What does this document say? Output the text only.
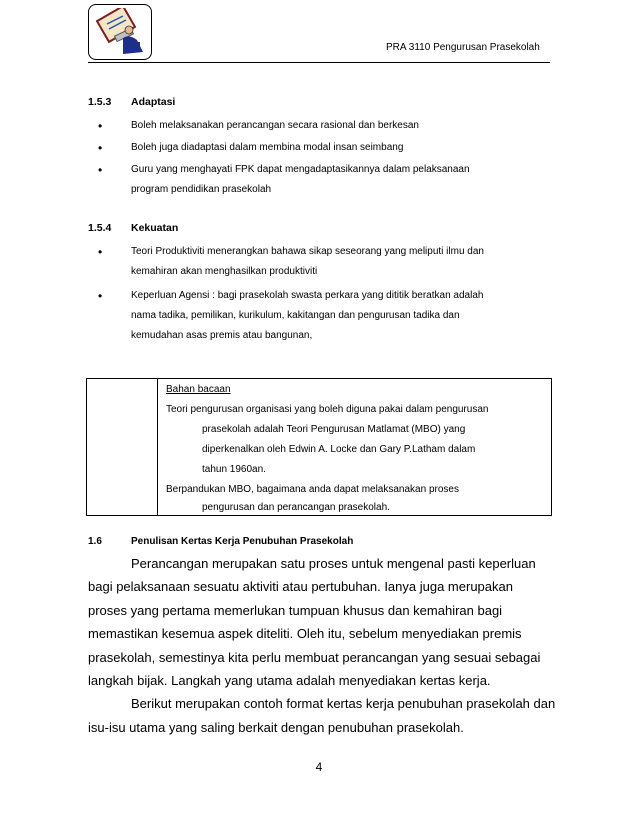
PRA 3110 Pengurusan Prasekolah
1.5.3 Adaptasi
•	Boleh melaksanakan perancangan secara rasional dan berkesan
•	Boleh juga diadaptasi dalam membina modal insan seimbang
•	Guru yang menghayati FPK dapat mengadaptasikannya dalam pelaksanaan
program pendidikan prasekolah
1.5.4 Kekuatan
•	Teori Produktiviti menerangkan bahawa sikap seseorang yang meliputi ilmu dan
kemahiran akan menghasilkan produktiviti
•	Keperluan Agensi : bagi prasekolah swasta perkara yang dititik beratkan adalah
nama tadika, pemilikan, kurikulum, kakitangan dan pengurusan tadika dan
kemudahan asas premis atau bangunan,
Bahan bacaan
Teori pengurusan organisasi yang boleh diguna pakai dalam pengurusan
prasekolah adalah Teori Pengurusan Matlamat (MBO) yang
diperkenalkan oleh Edwin A. Locke dan Gary P.Latham dalam
tahun 1960an.
Berpandukan MBO, bagaimana anda dapat melaksanakan proses
pengurusan dan perancangan prasekolah.
1.6	Penulisan Kertas Kerja Penubuhan Prasekolah

Perancangan merupakan satu proses untuk mengenal pasti keperluan

bagi pelaksanaan sesuatu aktiviti atau pertubuhan. Ianya juga merupakan

proses yang pertama memerlukan tumpuan khusus dan kemahiran bagi

memastikan kesemua aspek diteliti. Oleh itu, sebelum menyediakan premis

prasekolah, semestinya kita perlu membuat perancangan yang sesuai sebagai

langkah bijak. Langkah yang utama adalah menyediakan kertas kerja.

Berikut merupakan contoh format kertas kerja penubuhan prasekolah dan

isu-isu utama yang saling berkait dengan penubuhan prasekolah.

4
